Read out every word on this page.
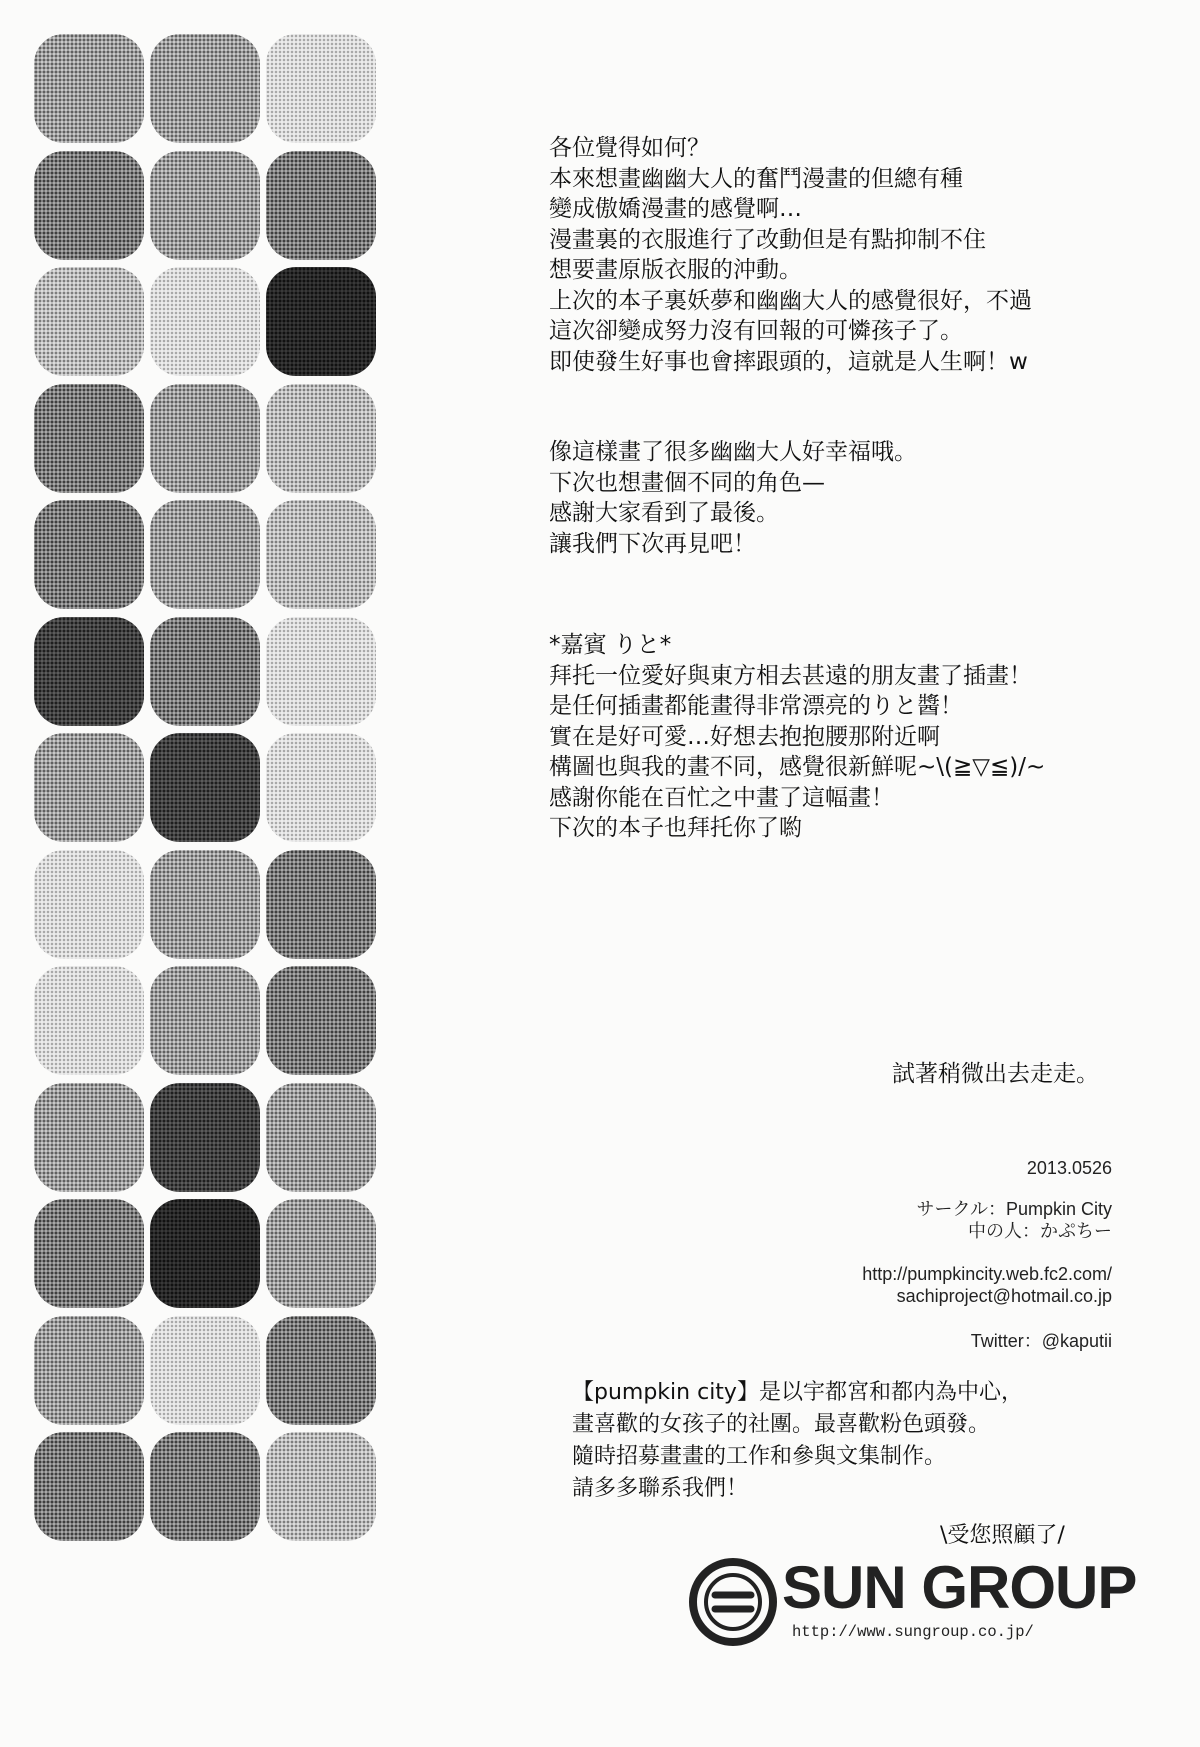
各位覺得如何？
本來想畫幽幽大人的奮鬥漫畫的但總有種
變成傲嬌漫畫的感覺啊…
漫畫裏的衣服進行了改動但是有點抑制不住
想要畫原版衣服的沖動。
上次的本子裏妖夢和幽幽大人的感覺很好，不過
這次卻變成努力沒有回報的可憐孩子了。
即使發生好事也會摔跟頭的，這就是人生啊！w
像這樣畫了很多幽幽大人好幸福哦。
下次也想畫個不同的角色—
感謝大家看到了最後。
讓我們下次再見吧！
*嘉賓 りと*
拜托一位愛好與東方相去甚遠的朋友畫了插畫！
是任何插畫都能畫得非常漂亮的りと醬！
實在是好可愛…好想去抱抱腰那附近啊
構圖也與我的畫不同，感覺很新鮮呢~\(≧▽≦)/~
感謝你能在百忙之中畫了這幅畫！
下次的本子也拜托你了喲
試著稍微出去走走。
2013.0526
サークル：Pumpkin City
中の人：かぷちー
http://pumpkincity.web.fc2.com/
sachiproject@hotmail.co.jp
Twitter：@kaputii
【pumpkin city】是以宇都宮和都内為中心，
畫喜歡的女孩子的社團。最喜歡粉色頭發。
隨時招募畫畫的工作和參與文集制作。
請多多聯系我們！
\受您照顧了/
SUN GROUP
http://www.sungroup.co.jp/
